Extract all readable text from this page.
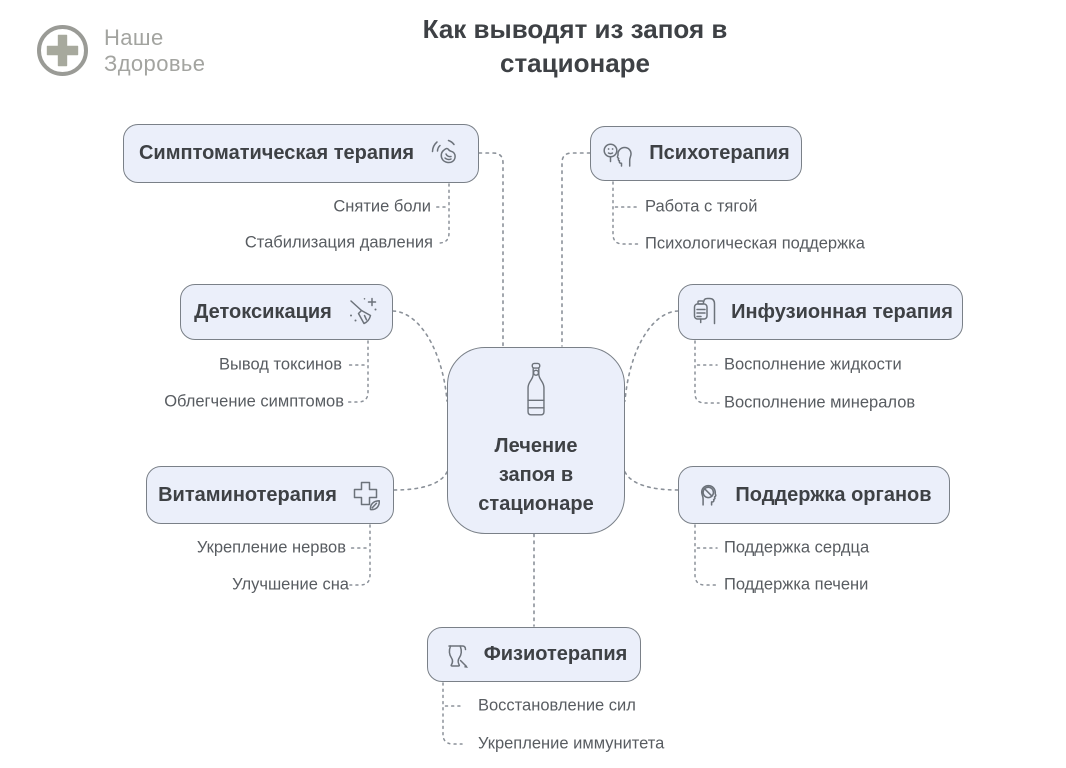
Наше
Здоровье
Как выводят из запоя в стационаре
Симптоматическая терапия
Снятие боли
Стабилизация давления
Психотерапия
Работа с тягой
Психологическая поддержка
Детоксикация
Вывод токсинов
Облегчение симптомов
Инфузионная терапия
Восполнение жидкости
Восполнение минералов
Лечение запоя в стационаре
Витаминотерапия
Укрепление нервов
Улучшение сна
Поддержка органов
Поддержка сердца
Поддержка печени
Физиотерапия
Восстановление сил
Укрепление иммунитета
